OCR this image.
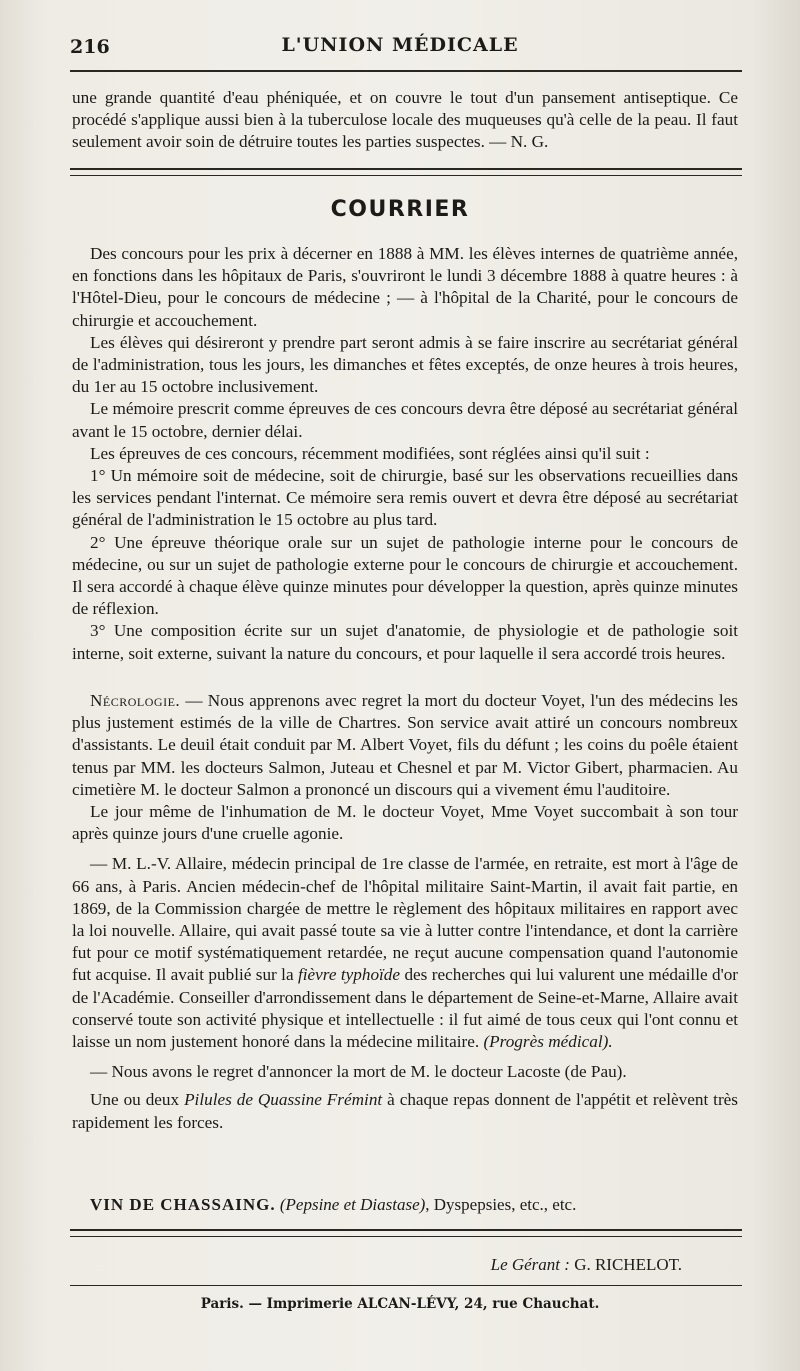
216	L'UNION MÉDICALE

une grande quantité d'eau phéniquée, et on couvre le tout d'un pansement antiseptique. Ce procédé s'applique aussi bien à la tuberculose locale des muqueuses qu'à celle de la peau. Il faut seulement avoir soin de détruire toutes les parties suspectes. — N. G.

COURRIER

Des concours pour les prix à décerner en 1888 à MM. les élèves internes de quatrième année, en fonctions dans les hôpitaux de Paris, s'ouvriront le lundi 3 décembre 1888 à quatre heures : à l'Hôtel-Dieu, pour le concours de médecine ; — à l'hôpital de la Charité, pour le concours de chirurgie et accouchement.

Les élèves qui désireront y prendre part seront admis à se faire inscrire au secrétariat général de l'administration, tous les jours, les dimanches et fêtes exceptés, de onze heures à trois heures, du 1er au 15 octobre inclusivement.

Le mémoire prescrit comme épreuves de ces concours devra être déposé au secrétariat général avant le 15 octobre, dernier délai.

Les épreuves de ces concours, récemment modifiées, sont réglées ainsi qu'il suit :

1° Un mémoire soit de médecine, soit de chirurgie, basé sur les observations recueillies dans les services pendant l'internat. Ce mémoire sera remis ouvert et devra être déposé au secrétariat général de l'administration le 15 octobre au plus tard.

2° Une épreuve théorique orale sur un sujet de pathologie interne pour le concours de médecine, ou sur un sujet de pathologie externe pour le concours de chirurgie et accouchement. Il sera accordé à chaque élève quinze minutes pour développer la question, après quinze minutes de réflexion.

3° Une composition écrite sur un sujet d'anatomie, de physiologie et de pathologie soit interne, soit externe, suivant la nature du concours, et pour laquelle il sera accordé trois heures.

Nécrologie. — Nous apprenons avec regret la mort du docteur Voyet, l'un des médecins les plus justement estimés de la ville de Chartres. Son service avait attiré un concours nombreux d'assistants. Le deuil était conduit par M. Albert Voyet, fils du défunt ; les coins du poêle étaient tenus par MM. les docteurs Salmon, Juteau et Chesnel et par M. Victor Gibert, pharmacien. Au cimetière M. le docteur Salmon a prononcé un discours qui a vivement ému l'auditoire.

Le jour même de l'inhumation de M. le docteur Voyet, Mme Voyet succombait à son tour après quinze jours d'une cruelle agonie.

— M. L.-V. Allaire, médecin principal de 1re classe de l'armée, en retraite, est mort à l'âge de 66 ans, à Paris. Ancien médecin-chef de l'hôpital militaire Saint-Martin, il avait fait partie, en 1869, de la Commission chargée de mettre le règlement des hôpitaux militaires en rapport avec la loi nouvelle. Allaire, qui avait passé toute sa vie à lutter contre l'intendance, et dont la carrière fut pour ce motif systématiquement retardée, ne reçut aucune compensation quand l'autonomie fut acquise. Il avait publié sur la fièvre typhoïde des recherches qui lui valurent une médaille d'or de l'Académie. Conseiller d'arrondissement dans le département de Seine-et-Marne, Allaire avait conservé toute son activité physique et intellectuelle : il fut aimé de tous ceux qui l'ont connu et laisse un nom justement honoré dans la médecine militaire. (Progrès médical).

— Nous avons le regret d'annoncer la mort de M. le docteur Lacoste (de Pau).

Une ou deux Pilules de Quassine Frémint à chaque repas donnent de l'appétit et relèvent très rapidement les forces.

VIN DE CHASSAING. (Pepsine et Diastase), Dyspepsies, etc., etc.
Le Gérant : G. RICHELOT.
Paris. — Imprimerie ALCAN-LÉVY, 24, rue Chauchat.
